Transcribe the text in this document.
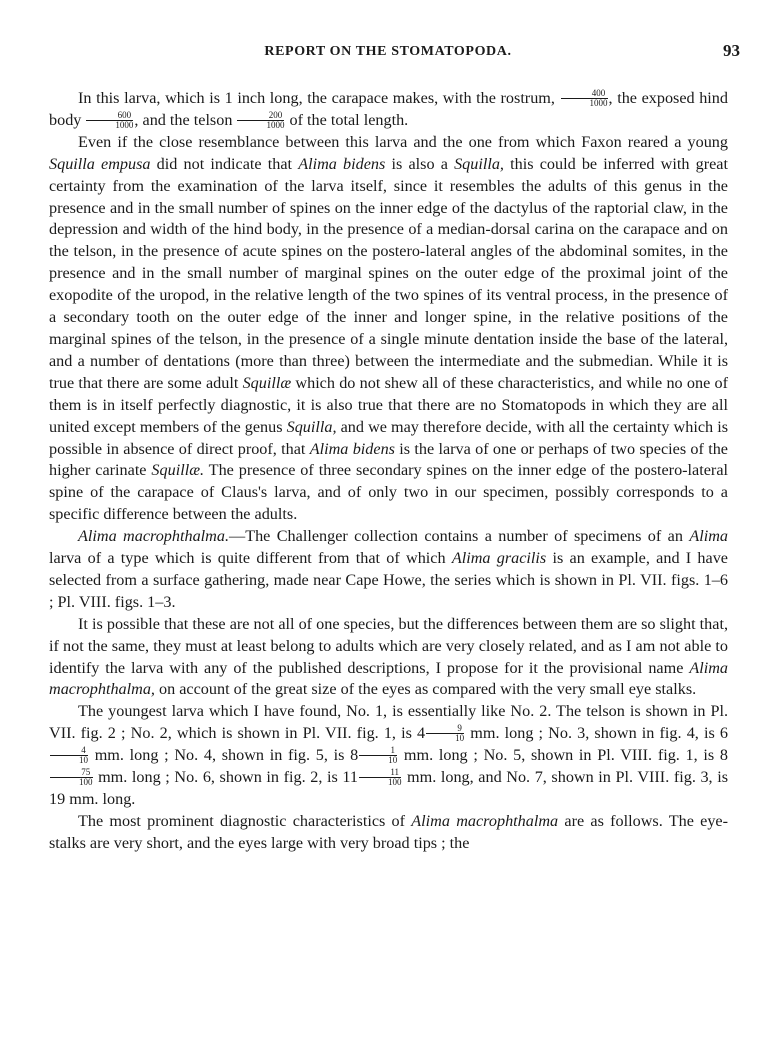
REPORT ON THE STOMATOPODA.	93

In this larva, which is 1 inch long, the carapace makes, with the rostrum, $\frac{400}{1000}$ , the exposed hind body $\frac{600}{1000}$ , and the telson $\frac{200}{1000}$ of the total length.

Even if the close resemblance between this larva and the one from which Faxon reared a young Squilla empusa did not indicate that Alima bidens is also a Squilla, this could be inferred with great certainty from the examination of the larva itself, since it resembles the adults of this genus in the presence and in the small number of spines on the inner edge of the dactylus of the raptorial claw, in the depression and width of the hind body, in the presence of a median-dorsal carina on the carapace and on the telson, in the presence of acute spines on the postero-lateral angles of the abdominal somites, in the presence and in the small number of marginal spines on the outer edge of the proximal joint of the exopodite of the uropod, in the relative length of the two spines of its ventral process, in the presence of a secondary tooth on the outer edge of the inner and longer spine, in the relative positions of the marginal spines of the telson, in the presence of a single minute dentation inside the base of the lateral, and a number of dentations (more than three) between the intermediate and the submedian. While it is true that there are some adult Squillæ which do not shew all of these characteristics, and while no one of them is in itself perfectly diagnostic, it is also true that there are no Stomatopods in which they are all united except members of the genus Squilla, and we may therefore decide, with all the certainty which is possible in absence of direct proof, that Alima bidens is the larva of one or perhaps of two species of the higher carinate Squillæ. The presence of three secondary spines on the inner edge of the postero-lateral spine of the carapace of Claus's larva, and of only two in our specimen, possibly corresponds to a specific difference between the adults.

Alima macrophthalma.—The Challenger collection contains a number of specimens of an Alima larva of a type which is quite different from that of which Alima gracilis is an example, and I have selected from a surface gathering, made near Cape Howe, the series which is shown in Pl. VII. figs. 1–6 ; Pl. VIII. figs. 1–3.

It is possible that these are not all of one species, but the differences between them are so slight that, if not the same, they must at least belong to adults which are very closely related, and as I am not able to identify the larva with any of the published descriptions, I propose for it the provisional name Alima macrophthalma, on account of the great size of the eyes as compared with the very small eye stalks.

The youngest larva which I have found, No. 1, is essentially like No. 2. The telson is shown in Pl. VII. fig. 2 ; No. 2, which is shown in Pl. VII. fig. 1, is $4 \frac{9}{10}$ mm. long ; No. 3, shown in fig. 4, is 6
$\frac{4}{10}$ mm. long ; No. 4, shown in fig. 5, is $8 \frac{1}{10}$ mm. long ; No. 5, shown in Pl. VIII. fig. 1, is 8
$\frac{75}{100}$ mm. long ; No. 6, shown in fig. 2, is $11 \frac{11}{100}$ mm. long, and No. 7, shown in Pl. VIII. fig. 3, is 19 mm. long.

The most prominent diagnostic characteristics of Alima macrophthalma are as follows. The eye-stalks are very short, and the eyes large with very broad tips ; the
